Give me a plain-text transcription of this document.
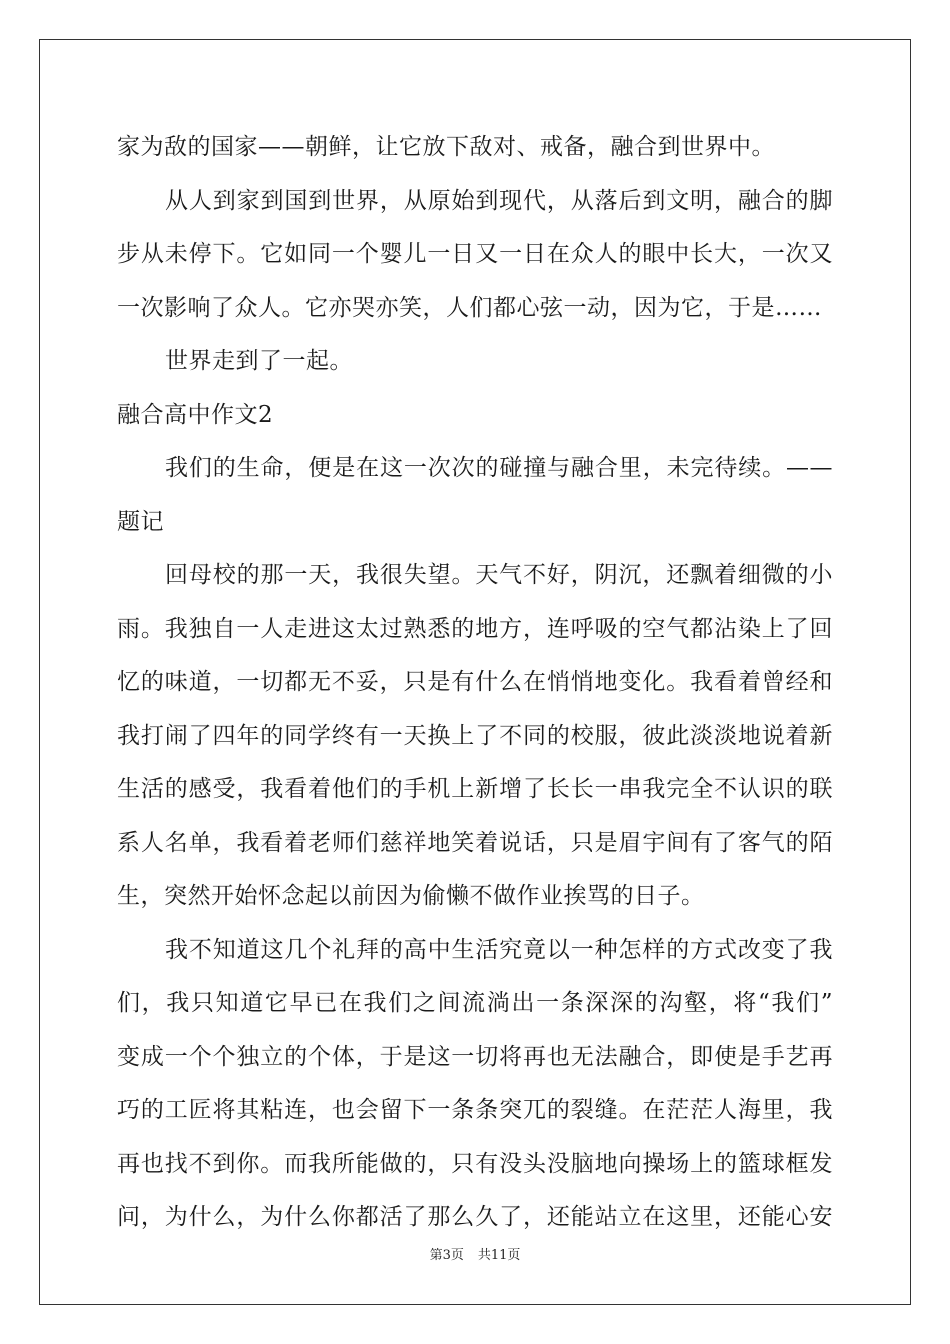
家为敌的国家——朝鲜，让它放下敌对、戒备，融合到世界中。
从人到家到国到世界，从原始到现代，从落后到文明，融合的脚
步从未停下。它如同一个婴儿一日又一日在众人的眼中长大，一次又
一次影响了众人。它亦哭亦笑，人们都心弦一动，因为它，于是……
世界走到了一起。
融合高中作文2
我们的生命，便是在这一次次的碰撞与融合里，未完待续。——
题记
回母校的那一天，我很失望。天气不好，阴沉，还飘着细微的小
雨。我独自一人走进这太过熟悉的地方，连呼吸的空气都沾染上了回
忆的味道，一切都无不妥，只是有什么在悄悄地变化。我看着曾经和
我打闹了四年的同学终有一天换上了不同的校服，彼此淡淡地说着新
生活的感受，我看着他们的手机上新增了长长一串我完全不认识的联
系人名单，我看着老师们慈祥地笑着说话，只是眉宇间有了客气的陌
生，突然开始怀念起以前因为偷懒不做作业挨骂的日子。
我不知道这几个礼拜的高中生活究竟以一种怎样的方式改变了我
们，我只知道它早已在我们之间流淌出一条深深的沟壑，将“我们”
变成一个个独立的个体，于是这一切将再也无法融合，即使是手艺再
巧的工匠将其粘连，也会留下一条条突兀的裂缝。在茫茫人海里，我
再也找不到你。而我所能做的，只有没头没脑地向操场上的篮球框发
问，为什么，为什么你都活了那么久了，还能站立在这里，还能心安
第3页 共11页
